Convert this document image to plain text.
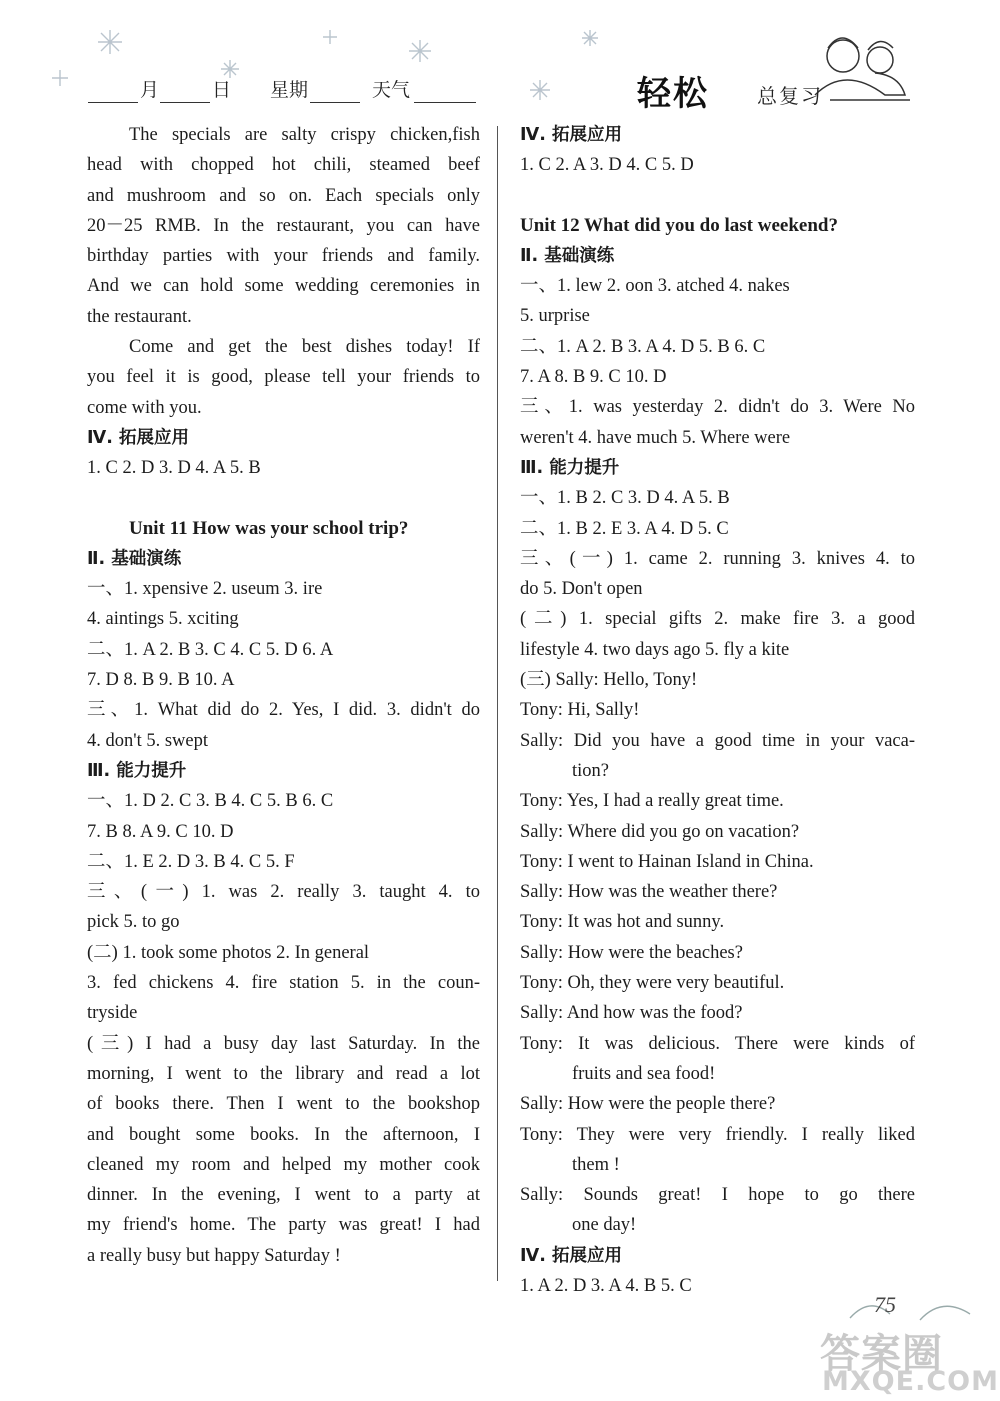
月	日 星期	天气	轻松 总复习
The specials are salty crispy chicken,fish
head with chopped hot chili, steamed beef
and mushroom and so on. Each specials only
20－25 RMB. In the restaurant, you can have
birthday parties with your friends and family.
And we can hold some wedding ceremonies in
the restaurant.
Come and get the best dishes today! If
you feel it is good, please tell your friends to
come with you.
Ⅳ. 拓展应用
1. C 2. D 3. D 4. A 5. B
Unit 11 How was your school trip?
Ⅱ. 基础演练
一、1. xpensive 2. useum 3. ire
4. aintings 5. xciting
二、1. A 2. B 3. C 4. C 5. D 6. A
7. D 8. B 9. B 10. A
三、1. What did do 2. Yes, I did. 3. didn't do
4. don't 5. swept
Ⅲ. 能力提升
一、1. D 2. C 3. B 4. C 5. B 6. C
7. B 8. A 9. C 10. D
二、1. E 2. D 3. B 4. C 5. F
三、(一) 1. was 2. really 3. taught 4. to
pick 5. to go
(二) 1. took some photos 2. In general
3. fed chickens 4. fire station 5. in the coun-
tryside
(三) I had a busy day last Saturday. In the
morning, I went to the library and read a lot
of books there. Then I went to the bookshop
and bought some books. In the afternoon, I
cleaned my room and helped my mother cook
dinner. In the evening, I went to a party at
my friend's home. The party was great! I had
a really busy but happy Saturday !
Ⅳ. 拓展应用
1. C 2. A 3. D 4. C 5. D
Unit 12 What did you do last weekend?
Ⅱ. 基础演练
一、1. lew 2. oon 3. atched 4. nakes
5. urprise
二、1. A 2. B 3. A 4. D 5. B 6. C
7. A 8. B 9. C 10. D
三、1. was yesterday 2. didn't do 3. Were No
weren't 4. have much 5. Where were
Ⅲ. 能力提升
一、1. B 2. C 3. D 4. A 5. B
二、1. B 2. E 3. A 4. D 5. C
三、(一) 1. came 2. running 3. knives 4. to
do 5. Don't open
(二) 1. special gifts 2. make fire 3. a good
lifestyle 4. two days ago 5. fly a kite
(三) Sally: Hello, Tony!
Tony: Hi, Sally!
Sally: Did you have a good time in your vaca-
tion?
Tony: Yes, I had a really great time.
Sally: Where did you go on vacation?
Tony: I went to Hainan Island in China.
Sally: How was the weather there?
Tony: It was hot and sunny.
Sally: How were the beaches?
Tony: Oh, they were very beautiful.
Sally: And how was the food?
Tony: It was delicious. There were kinds of
fruits and sea food!
Sally: How were the people there?
Tony: They were very friendly. I really liked
them !
Sally: Sounds great! I hope to go there
one day!
Ⅳ. 拓展应用
1. A 2. D 3. A 4. B 5. C
75
答案圈
MXQE.COM
